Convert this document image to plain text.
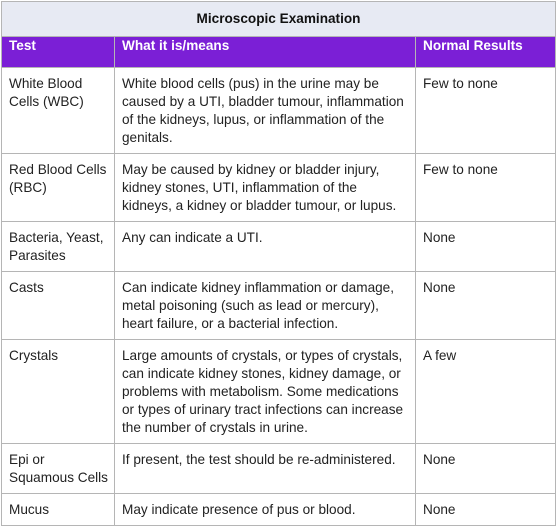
Microscopic Examination		
Test	What it is/means	Normal Results
White Blood Cells (WBC)	White blood cells (pus) in the urine may be caused by a UTI, bladder tumour, inflammation of the kidneys, lupus, or inflammation of the genitals.	Few to none
Red Blood Cells (RBC)	May be caused by kidney or bladder injury, kidney stones, UTI, inflammation of the kidneys, a kidney or bladder tumour, or lupus.	Few to none
Bacteria, Yeast, Parasites	Any can indicate a UTI.	None
Casts	Can indicate kidney inflammation or damage, metal poisoning (such as lead or mercury), heart failure, or a bacterial infection.	None
Crystals	Large amounts of crystals, or types of crystals, can indicate kidney stones, kidney damage, or problems with metabolism. Some medications or types of urinary tract infections can increase the number of crystals in urine.	A few
Epi or Squamous Cells	If present, the test should be re-administered.	None
Mucus	May indicate presence of pus or blood.	None
